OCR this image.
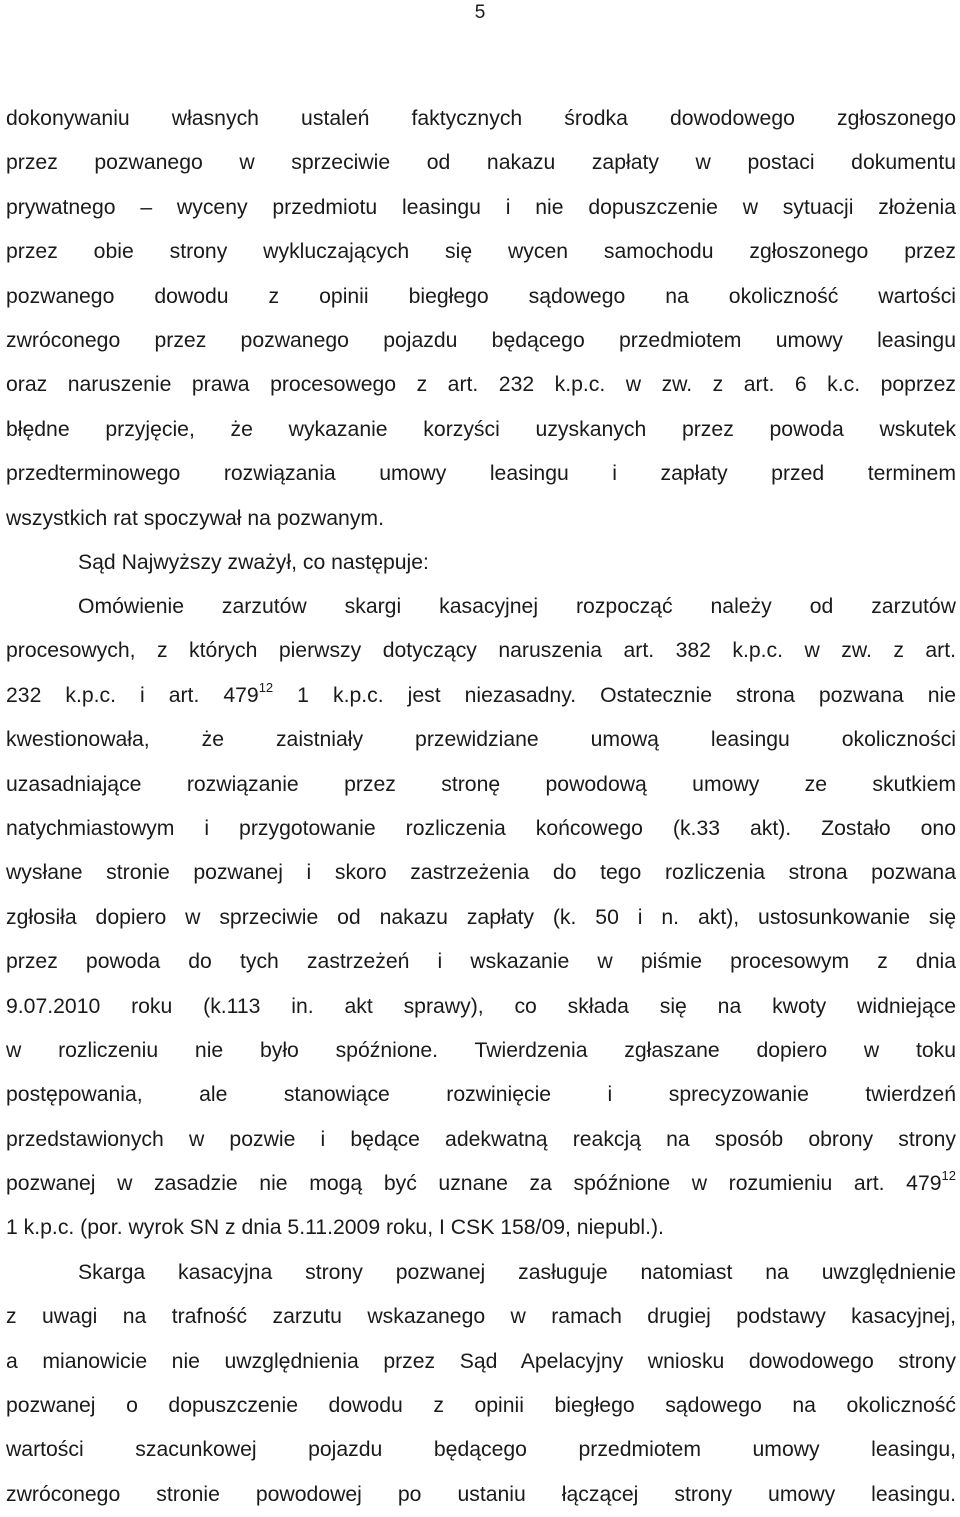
5
dokonywaniu własnych ustaleń faktycznych środka dowodowego zgłoszonego
przez pozwanego w sprzeciwie od nakazu zapłaty w postaci dokumentu
prywatnego – wyceny przedmiotu leasingu i nie dopuszczenie w sytuacji złożenia
przez obie strony wykluczających się wycen samochodu zgłoszonego przez
pozwanego dowodu z opinii biegłego sądowego na okoliczność wartości
zwróconego przez pozwanego pojazdu będącego przedmiotem umowy leasingu
oraz naruszenie prawa procesowego z art. 232 k.p.c. w zw. z art. 6 k.c. poprzez
błędne przyjęcie, że wykazanie korzyści uzyskanych przez powoda wskutek
przedterminowego rozwiązania umowy leasingu i zapłaty przed terminem
wszystkich rat spoczywał na pozwanym.
Sąd Najwyższy zważył, co następuje:
Omówienie zarzutów skargi kasacyjnej rozpocząć należy od zarzutów
procesowych, z których pierwszy dotyczący naruszenia art. 382 k.p.c. w zw. z art.
232 k.p.c. i art. $479^{12}$ 1 k.p.c. jest niezasadny. Ostatecznie strona pozwana nie
kwestionowała, że zaistniały przewidziane umową leasingu okoliczności
uzasadniające rozwiązanie przez stronę powodową umowy ze skutkiem
natychmiastowym i przygotowanie rozliczenia końcowego (k.33 akt). Zostało ono
wysłane stronie pozwanej i skoro zastrzeżenia do tego rozliczenia strona pozwana
zgłosiła dopiero w sprzeciwie od nakazu zapłaty (k. 50 i n. akt), ustosunkowanie się
przez powoda do tych zastrzeżeń i wskazanie w piśmie procesowym z dnia
9.07.2010 roku (k.113 in. akt sprawy), co składa się na kwoty widniejące
w rozliczeniu nie było spóźnione. Twierdzenia zgłaszane dopiero w toku
postępowania, ale stanowiące rozwinięcie i sprecyzowanie twierdzeń
przedstawionych w pozwie i będące adekwatną reakcją na sposób obrony strony
pozwanej w zasadzie nie mogą być uznane za spóźnione w rozumieniu art. $479^{12}$
1 k.p.c. (por. wyrok SN z dnia 5.11.2009 roku, I CSK 158/09, niepubl.).
Skarga kasacyjna strony pozwanej zasługuje natomiast na uwzględnienie
z uwagi na trafność zarzutu wskazanego w ramach drugiej podstawy kasacyjnej,
a mianowicie nie uwzględnienia przez Sąd Apelacyjny wniosku dowodowego strony
pozwanej o dopuszczenie dowodu z opinii biegłego sądowego na okoliczność
wartości szacunkowej pojazdu będącego przedmiotem umowy leasingu,
zwróconego stronie powodowej po ustaniu łączącej strony umowy leasingu.
